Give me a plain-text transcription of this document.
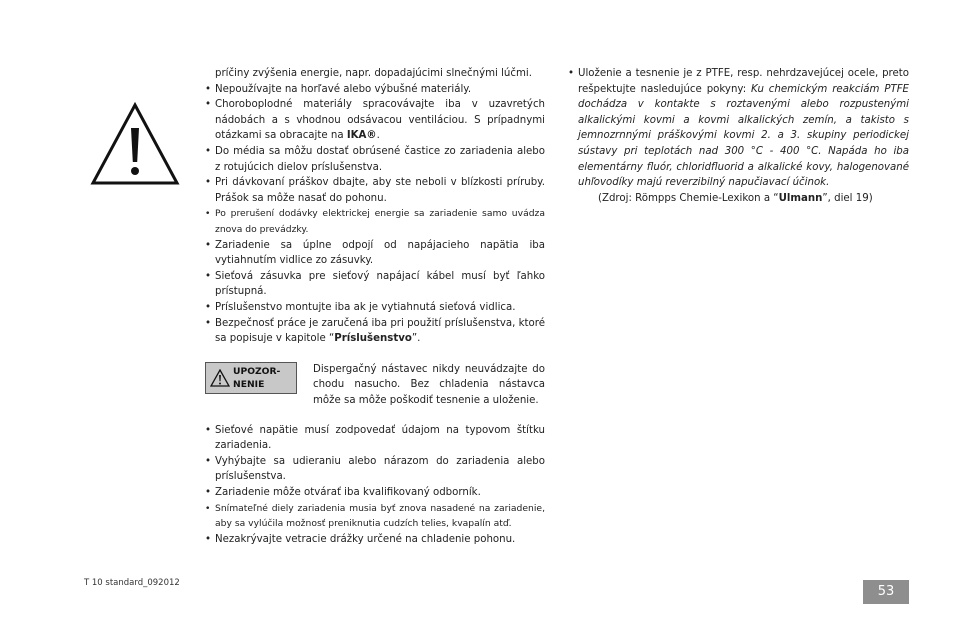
príčiny zvýšenia energie, napr. dopadajúcimi slnečnými lúčmi.
• Nepoužívajte na horľavé alebo výbušné materiály.
• Choroboplodné materiály spracovávajte iba v uzavretých nádobách a s vhodnou odsávacou ventiláciou. S prípadnymi otázkami sa obracajte na IKA®.
• Do média sa môžu dostať obrúsené častice zo zariadenia alebo z rotujúcich dielov príslušenstva.
• Pri dávkovaní práškov dbajte, aby ste neboli v blízkosti príruby. Prášok sa môže nasať do pohonu.
• Po prerušení dodávky elektrickej energie sa zariadenie samo uvádza znova do prevádzky.
• Zariadenie sa úplne odpojí od napájacieho napätia iba vytiahnutím vidlice zo zásuvky.
• Sieťová zásuvka pre sieťový napájací kábel musí byť ľahko prístupná.
• Príslušenstvo montujte iba ak je vytiahnutá sieťová vidlica.
• Bezpečnosť práce je zaručená iba pri použití príslušenstva, ktoré sa popisuje v kapitole “Príslušenstvo”.
UPOZOR-
NENIE
Dispergačný nástavec nikdy neuvádzajte do chodu nasucho. Bez chladenia nástavca môže sa môže poškodiť tesnenie a uloženie.
• Sieťové napätie musí zodpovedať údajom na typovom štítku zariadenia.
• Vyhýbajte sa udieraniu alebo nárazom do zariadenia alebo príslušenstva.
• Zariadenie môže otvárať iba kvalifikovaný odborník.
• Snímateľné diely zariadenia musia byť znova nasadené na zariadenie, aby sa vylúčila možnosť preniknutia cudzích telies, kvapalín atď.
• Nezakrývajte vetracie drážky určené na chladenie pohonu.
• Uloženie a tesnenie je z PTFE, resp. nehrdzavejúcej ocele, preto rešpektujte nasledujúce pokyny: Ku chemickým reakciám PTFE dochádza v kontakte s roztavenými alebo rozpustenými alkalickými kovmi a kovmi alkalických zemín, a takisto s jemnozrnnými práškovými kovmi 2. a 3. skupiny periodickej sústavy pri teplotách nad 300 °C - 400 °C. Napáda ho iba elementárny fluór, chloridfluorid a alkalické kovy, halogenované uhľovodíky majú reverzibilný napučiavací účinok.
(Zdroj: Römpps Chemie-Lexikon a “Ulmann”, diel 19)
T 10 standard_092012
53
